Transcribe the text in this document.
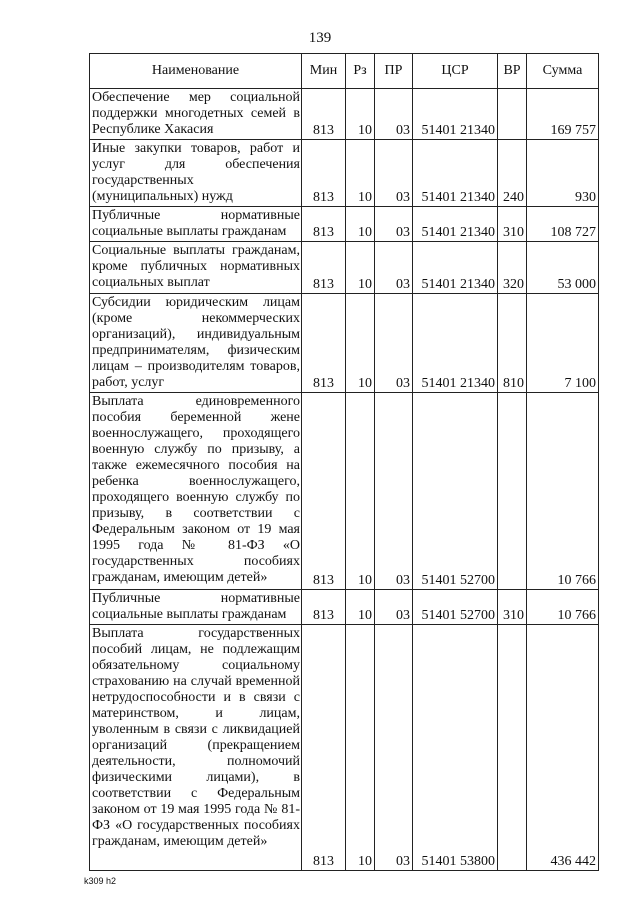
139
Наименование	Мин	Рз	ПР	ЦСР	ВР	Сумма
Обеспечение мер социальной поддержки многодетных семей в Республике Хакасия	813	10	03	51401 21340		169 757
Иные закупки товаров, работ и услуг для обеспечения государственных (муниципальных) нужд	813	10	03	51401 21340	240	930
Публичные нормативные социальные выплаты гражданам	813	10	03	51401 21340	310	108 727
Социальные выплаты гражданам, кроме публичных нормативных социальных выплат	813	10	03	51401 21340	320	53 000
Субсидии юридическим лицам (кроме некоммерческих организаций), индивидуальным предпринимателям, физическим лицам – производителям товаров, работ, услуг	813	10	03	51401 21340	810	7 100
Выплата единовременного пособия беременной жене военнослужащего, проходящего военную службу по призыву, а также ежемесячного пособия на ребенка военнослужащего, проходящего военную службу по призыву, в соответствии с Федеральным законом от 19 мая 1995 года № 81-ФЗ «О государственных пособиях гражданам, имеющим детей»	813	10	03	51401 52700		10 766
Публичные нормативные социальные выплаты гражданам	813	10	03	51401 52700	310	10 766
Выплата государственных пособий лицам, не подлежащим обязательному социальному страхованию на случай временной нетрудоспособности и в связи с материнством, и лицам, уволенным в связи с ликвидацией организаций (прекращением деятельности, полномочий физическими лицами), в соответствии с Федеральным законом от 19 мая 1995 года № 81-ФЗ «О государственных пособиях гражданам, имеющим детей»	813	10	03	51401 53800		436 442
k309 h2
